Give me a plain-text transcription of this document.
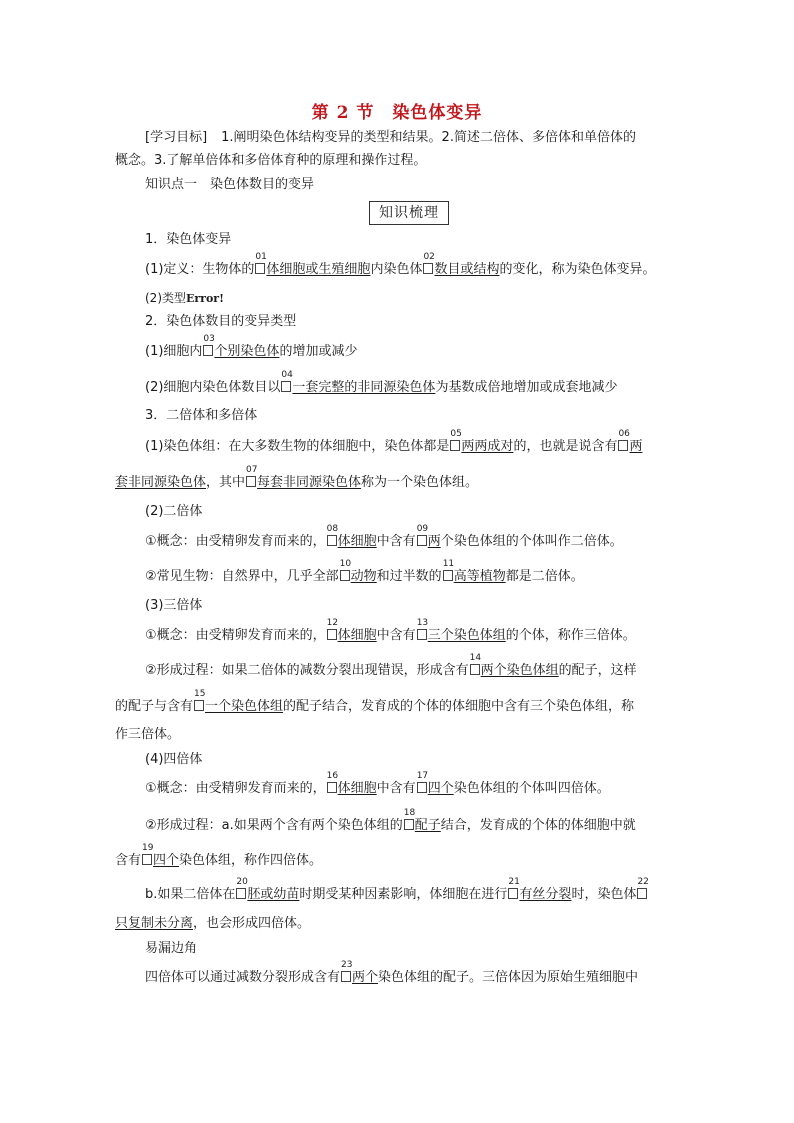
第 2 节　染色体变异
[学习目标] 1.阐明染色体结构变异的类型和结果。2.简述二倍体、多倍体和单倍体的
概念。3.了解单倍体和多倍体育种的原理和操作过程。
知识点一　染色体数目的变异
知识梳理
1．染色体变异
(1)定义：生物体的
01
体细胞或生殖细胞内染色体
02
数目或结构的变化，称为染色体变异。
(2)类型Error!
2．染色体数目的变异类型
(1)细胞内
03
个别染色体的增加或减少
(2)细胞内染色体数目以
04
一套完整的非同源染色体为基数成倍地增加或成套地减少
3．二倍体和多倍体
(1)染色体组：在大多数生物的体细胞中，染色体都是
05
两两成对的，也就是说含有
06
两
套非同源染色体，其中
07
每套非同源染色体称为一个染色体组。
(2)二倍体
①概念：由受精卵发育而来的，
08
体细胞中含有
09
两个染色体组的个体叫作二倍体。
②常见生物：自然界中，几乎全部
10
动物和过半数的
11
高等植物都是二倍体。
(3)三倍体
①概念：由受精卵发育而来的，
12
体细胞中含有
13
三个染色体组的个体，称作三倍体。
②形成过程：如果二倍体的减数分裂出现错误，形成含有
14
两个染色体组的配子，这样
的配子与含有
15
一个染色体组的配子结合，发育成的个体的体细胞中含有三个染色体组，称
作三倍体。
(4)四倍体
①概念：由受精卵发育而来的，
16
体细胞中含有
17
四个染色体组的个体叫四倍体。
②形成过程：a.如果两个含有两个染色体组的
18
配子结合，发育成的个体的体细胞中就
含有
19
四个染色体组，称作四倍体。
b.如果二倍体在
20
胚或幼苗时期受某种因素影响，体细胞在进行
21
有丝分裂时，染色体
22
只复制未分离，也会形成四倍体。
易漏边角
四倍体可以通过减数分裂形成含有
23
两个染色体组的配子。三倍体因为原始生殖细胞中
